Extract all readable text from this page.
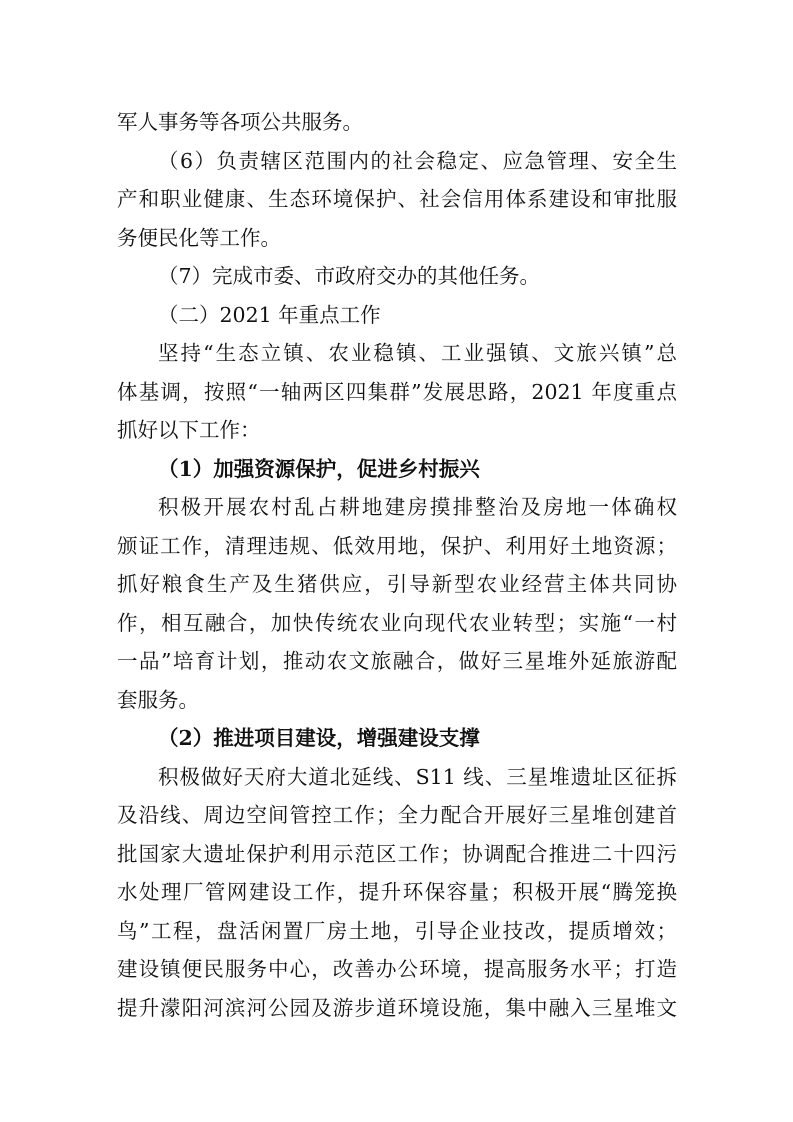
军人事务等各项公共服务。
（6）负责辖区范围内的社会稳定、应急管理、安全生
产和职业健康、生态环境保护、社会信用体系建设和审批服
务便民化等工作。
（7）完成市委、市政府交办的其他任务。
（二）2021 年重点工作
坚持“生态立镇、农业稳镇、工业强镇、文旅兴镇”总
体基调，按照“一轴两区四集群”发展思路，2021 年度重点
抓好以下工作：
（1）加强资源保护，促进乡村振兴
积极开展农村乱占耕地建房摸排整治及房地一体确权
颁证工作，清理违规、低效用地，保护、利用好土地资源；
抓好粮食生产及生猪供应，引导新型农业经营主体共同协
作，相互融合，加快传统农业向现代农业转型；实施“一村
一品”培育计划，推动农文旅融合，做好三星堆外延旅游配
套服务。
（2）推进项目建设，增强建设支撑
积极做好天府大道北延线、S11 线、三星堆遗址区征拆
及沿线、周边空间管控工作；全力配合开展好三星堆创建首
批国家大遗址保护利用示范区工作；协调配合推进二十四污
水处理厂管网建设工作，提升环保容量；积极开展“腾笼换
鸟”工程，盘活闲置厂房土地，引导企业技改，提质增效；
建设镇便民服务中心，改善办公环境，提高服务水平；打造
提升濛阳河滨河公园及游步道环境设施，集中融入三星堆文
